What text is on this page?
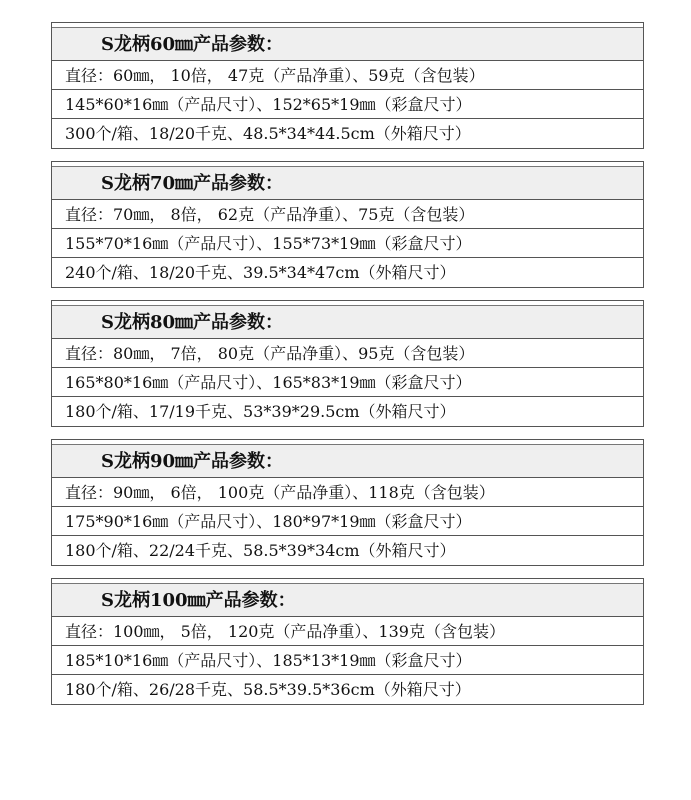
S龙柄60㎜产品参数：
直径：60㎜， 10倍， 47克（产品净重）、59克（含包装）
145*60*16㎜（产品尺寸）、152*65*19㎜（彩盒尺寸）
300个/箱、18/20千克、48.5*34*44.5cm（外箱尺寸）
S龙柄70㎜产品参数：
直径：70㎜， 8倍， 62克（产品净重）、75克（含包装）
155*70*16㎜（产品尺寸）、155*73*19㎜（彩盒尺寸）
240个/箱、18/20千克、39.5*34*47cm（外箱尺寸）
S龙柄80㎜产品参数：
直径：80㎜， 7倍， 80克（产品净重）、95克（含包装）
165*80*16㎜（产品尺寸）、165*83*19㎜（彩盒尺寸）
180个/箱、17/19千克、53*39*29.5cm（外箱尺寸）
S龙柄90㎜产品参数：
直径：90㎜， 6倍， 100克（产品净重）、118克（含包装）
175*90*16㎜（产品尺寸）、180*97*19㎜（彩盒尺寸）
180个/箱、22/24千克、58.5*39*34cm（外箱尺寸）
S龙柄100㎜产品参数：
直径：100㎜， 5倍， 120克（产品净重）、139克（含包装）
185*10*16㎜（产品尺寸）、185*13*19㎜（彩盒尺寸）
180个/箱、26/28千克、58.5*39.5*36cm（外箱尺寸）
